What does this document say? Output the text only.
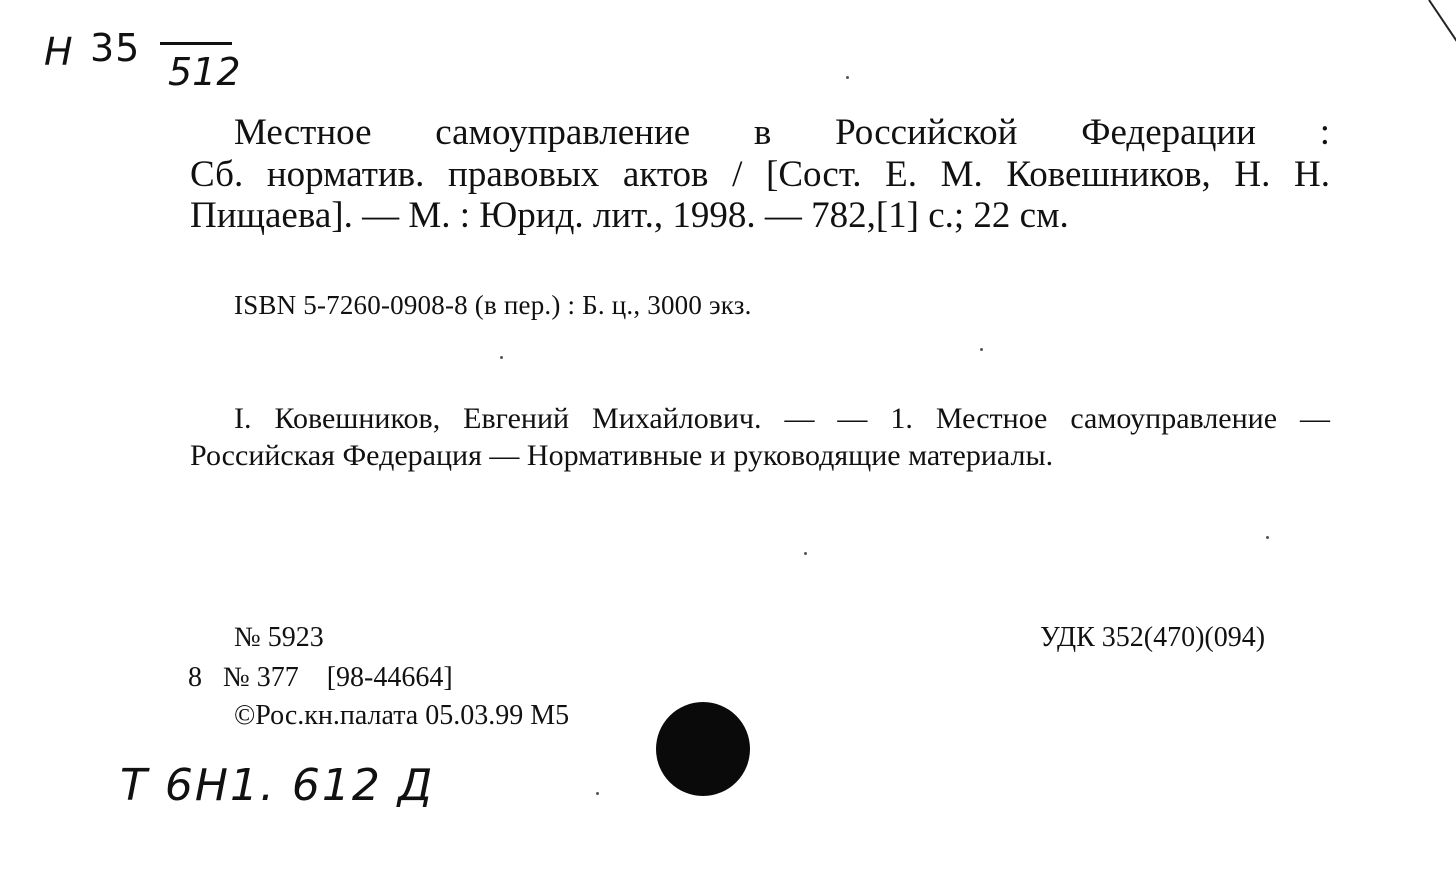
Н 35
512

Местное самоуправление в Российской Федерации :
Сб. норматив. правовых актов / [Сост. Е. М. Ковешников, Н. Н. Пищаева]. — М. : Юрид. лит., 1998. — 782,[1] с.; 22 см.

ISBN 5-7260-0908-8 (в пер.) : Б. ц., 3000 экз.

I. Ковешников, Евгений Михайлович. — — 1. Местное самоуправление — Российская Федерация — Нормативные и руководящие материалы.

№ 5923	УДК 352(470)(094)
8 № 377 [98-44664]
©Рос.кн.палата 05.03.99 М5
Т 6Н1. 612 Д
